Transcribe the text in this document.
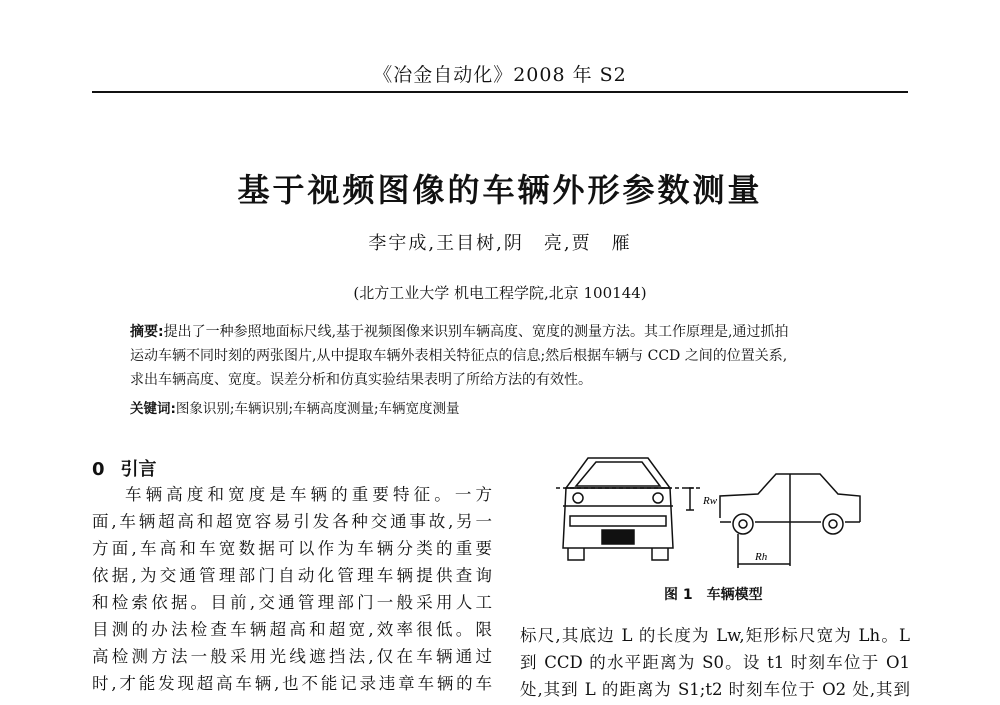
《冶金自动化》2008 年 S2
基于视频图像的车辆外形参数测量
李宇成,王目树,阴　亮,贾　雁
(北方工业大学 机电工程学院,北京 100144)
摘要:提出了一种参照地面标尺线,基于视频图像来识别车辆高度、宽度的测量方法。其工作原理是,通过抓拍
运动车辆不同时刻的两张图片,从中提取车辆外表相关特征点的信息;然后根据车辆与 CCD 之间的位置关系,
求出车辆高度、宽度。误差分析和仿真实验结果表明了所给方法的有效性。
关键词:图象识别;车辆识别;车辆高度测量;车辆宽度测量
0 引言

车辆高度和宽度是车辆的重要特征。一方

面,车辆超高和超宽容易引发各种交通事故,另一

方面,车高和车宽数据可以作为车辆分类的重要

依据,为交通管理部门自动化管理车辆提供查询

和检索依据。目前,交通管理部门一般采用人工

目测的办法检查车辆超高和超宽,效率很低。限

高检测方法一般采用光线遮挡法,仅在车辆通过

时,才能发现超高车辆,也不能记录违章车辆的车

Rw
Rh
图 1 车辆模型

标尺,其底边 L 的长度为 Lw,矩形标尺宽为 Lh。L

到 CCD 的水平距离为 S0。设 t1 时刻车位于 O1

处,其到 L 的距离为 S1;t2 时刻车位于 O2 处,其到
